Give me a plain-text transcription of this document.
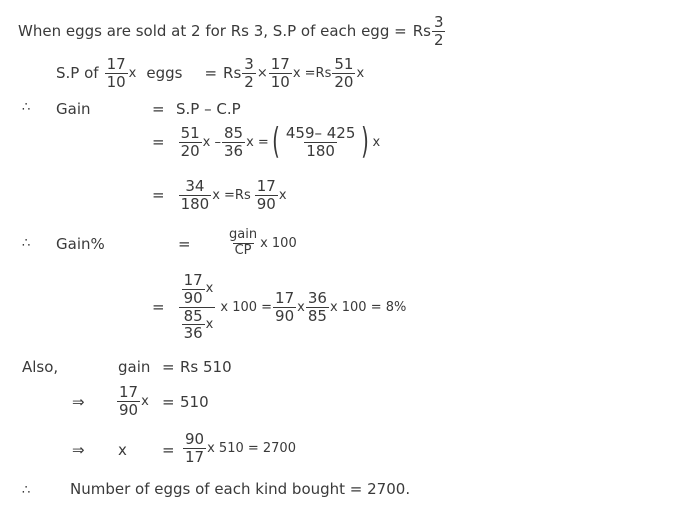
When eggs are sold at 2 for Rs 3, S.P of each egg = Rs $\frac{3}{2}$
S.P of $\frac{17}{10}$ x eggs = Rs $\frac{3}{2} \times \frac{17}{10}$ $x =Rs \frac{51}{20}$ x
∴ Gain	= S.P – C.P
= $\frac{51}{20}$ x – $\frac{85}{36}$ x = ( $\frac{459- 425}{180}$ ) x
= $\frac{34}{180}$ $x =Rs \frac{17}{90}$ x
∴ Gain%	=	$\frac{\text{gain}}{CP}$ x 100
= $\frac{\frac{17}{90} x}{\frac{85}{36} x}$ x $100 = \frac{17}{90}$ x $\frac{36}{85}$ x 100 = 8%
Also,	gain = Rs 510
⇒ $\frac{17}{90}$ x = 510
⇒ $x = \frac{90}{17}$ x 510 = 2700
∴	Number of eggs of each kind bought = 2700.
